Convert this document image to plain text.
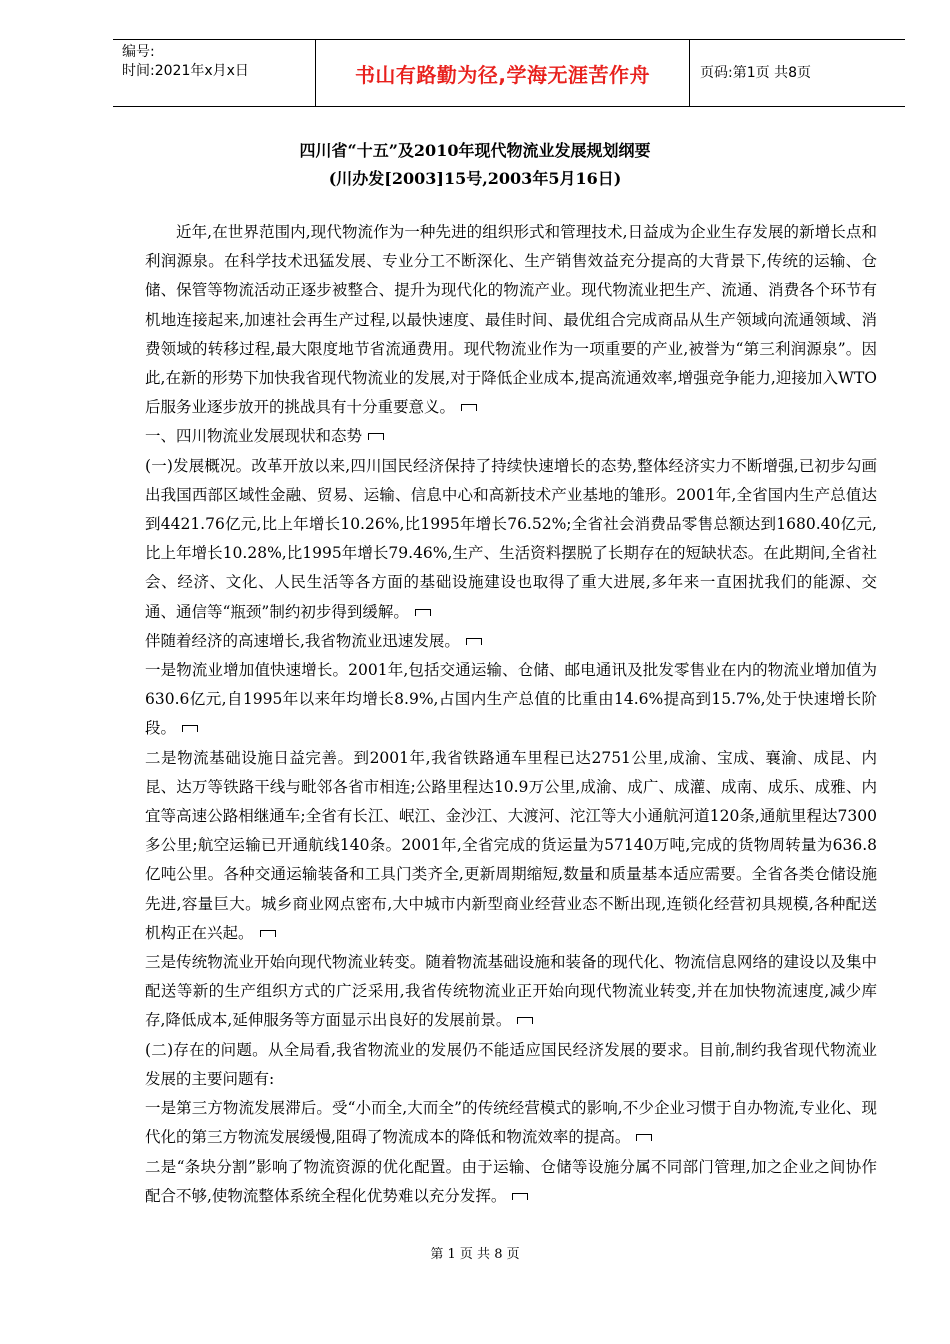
编号:
时间:2021年x月x日	书山有路勤为径,学海无涯苦作舟	页码:第1页 共8页
四川省“十五”及2010年现代物流业发展规划纲要
(川办发[2003]15号,2003年5月16日)

近年,在世界范围内,现代物流作为一种先进的组织形式和管理技术,日益成为企业生存发展的新增长点和利润源泉。在科学技术迅猛发展、专业分工不断深化、生产销售效益充分提高的大背景下,传统的运输、仓储、保管等物流活动正逐步被整合、提升为现代化的物流产业。现代物流业把生产、流通、消费各个环节有机地连接起来,加速社会再生产过程,以最快速度、最佳时间、最优组合完成商品从生产领域向流通领域、消费领域的转移过程,最大限度地节省流通费用。现代物流业作为一项重要的产业,被誉为“第三利润源泉”。因此,在新的形势下加快我省现代物流业的发展,对于降低企业成本,提高流通效率,增强竞争能力,迎接加入WTO后服务业逐步放开的挑战具有十分重要意义。

一、四川物流业发展现状和态势

(一)发展概况。改革开放以来,四川国民经济保持了持续快速增长的态势,整体经济实力不断增强,已初步勾画出我国西部区域性金融、贸易、运输、信息中心和高新技术产业基地的雏形。2001年,全省国内生产总值达到4421.76亿元,比上年增长10.26%,比1995年增长76.52%;全省社会消费品零售总额达到1680.40亿元,比上年增长10.28%,比1995年增长79.46%,生产、生活资料摆脱了长期存在的短缺状态。在此期间,全省社会、经济、文化、人民生活等各方面的基础设施建设也取得了重大进展,多年来一直困扰我们的能源、交通、通信等“瓶颈”制约初步得到缓解。

伴随着经济的高速增长,我省物流业迅速发展。

一是物流业增加值快速增长。2001年,包括交通运输、仓储、邮电通讯及批发零售业在内的物流业增加值为630.6亿元,自1995年以来年均增长8.9%,占国内生产总值的比重由14.6%提高到15.7%,处于快速增长阶段。

二是物流基础设施日益完善。到2001年,我省铁路通车里程已达2751公里,成渝、宝成、襄渝、成昆、内昆、达万等铁路干线与毗邻各省市相连;公路里程达10.9万公里,成渝、成广、成灌、成南、成乐、成雅、内宜等高速公路相继通车;全省有长江、岷江、金沙江、大渡河、沱江等大小通航河道120条,通航里程达7300多公里;航空运输已开通航线140条。2001年,全省完成的货运量为57140万吨,完成的货物周转量为636.8亿吨公里。各种交通运输装备和工具门类齐全,更新周期缩短,数量和质量基本适应需要。全省各类仓储设施先进,容量巨大。城乡商业网点密布,大中城市内新型商业经营业态不断出现,连锁化经营初具规模,各种配送机构正在兴起。

三是传统物流业开始向现代物流业转变。随着物流基础设施和装备的现代化、物流信息网络的建设以及集中配送等新的生产组织方式的广泛采用,我省传统物流业正开始向现代物流业转变,并在加快物流速度,减少库存,降低成本,延伸服务等方面显示出良好的发展前景。

(二)存在的问题。从全局看,我省物流业的发展仍不能适应国民经济发展的要求。目前,制约我省现代物流业发展的主要问题有:

一是第三方物流发展滞后。受“小而全,大而全”的传统经营模式的影响,不少企业习惯于自办物流,专业化、现代化的第三方物流发展缓慢,阻碍了物流成本的降低和物流效率的提高。

二是“条块分割”影响了物流资源的优化配置。由于运输、仓储等设施分属不同部门管理,加之企业之间协作配合不够,使物流整体系统全程化优势难以充分发挥。

第 1 页 共 8 页
